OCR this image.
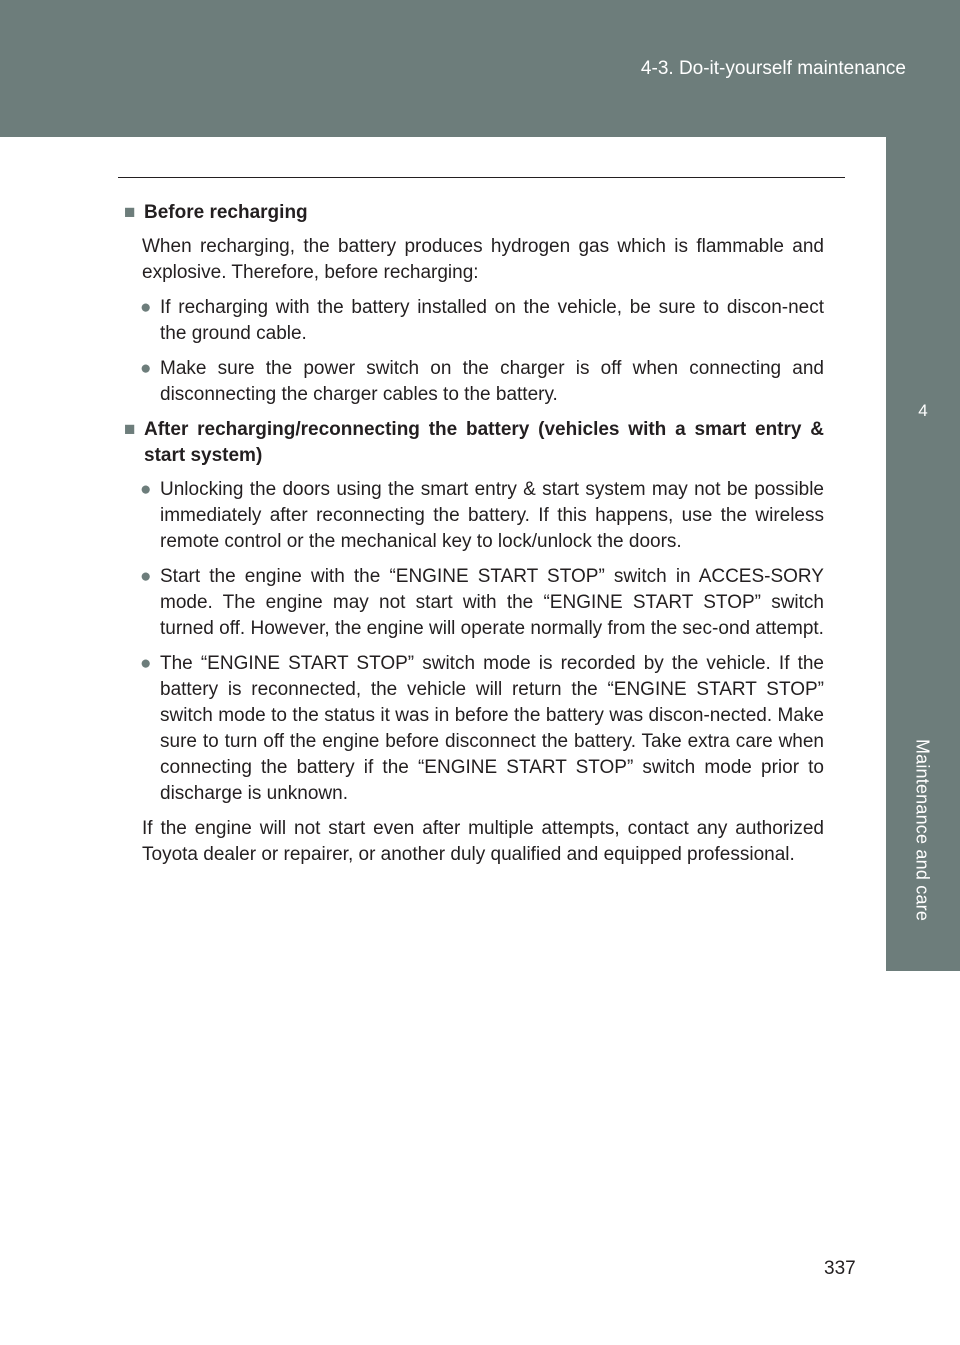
4-3. Do-it-yourself maintenance
4
Maintenance and care

■ Before recharging

When recharging, the battery produces hydrogen gas which is flammable and explosive. Therefore, before recharging:

● If recharging with the battery installed on the vehicle, be sure to discon-nect the ground cable.

● Make sure the power switch on the charger is off when connecting and disconnecting the charger cables to the battery.

■ After recharging/reconnecting the battery (vehicles with a smart entry & start system)

● Unlocking the doors using the smart entry & start system may not be possible immediately after reconnecting the battery. If this happens, use the wireless remote control or the mechanical key to lock/unlock the doors.

● Start the engine with the “ENGINE START STOP” switch in ACCES-SORY mode. The engine may not start with the “ENGINE START STOP” switch turned off. However, the engine will operate normally from the sec-ond attempt.

● The “ENGINE START STOP” switch mode is recorded by the vehicle. If the battery is reconnected, the vehicle will return the “ENGINE START STOP” switch mode to the status it was in before the battery was discon-nected. Make sure to turn off the engine before disconnect the battery. Take extra care when connecting the battery if the “ENGINE START STOP” switch mode prior to discharge is unknown.

If the engine will not start even after multiple attempts, contact any authorized Toyota dealer or repairer, or another duly qualified and equipped professional.

337
